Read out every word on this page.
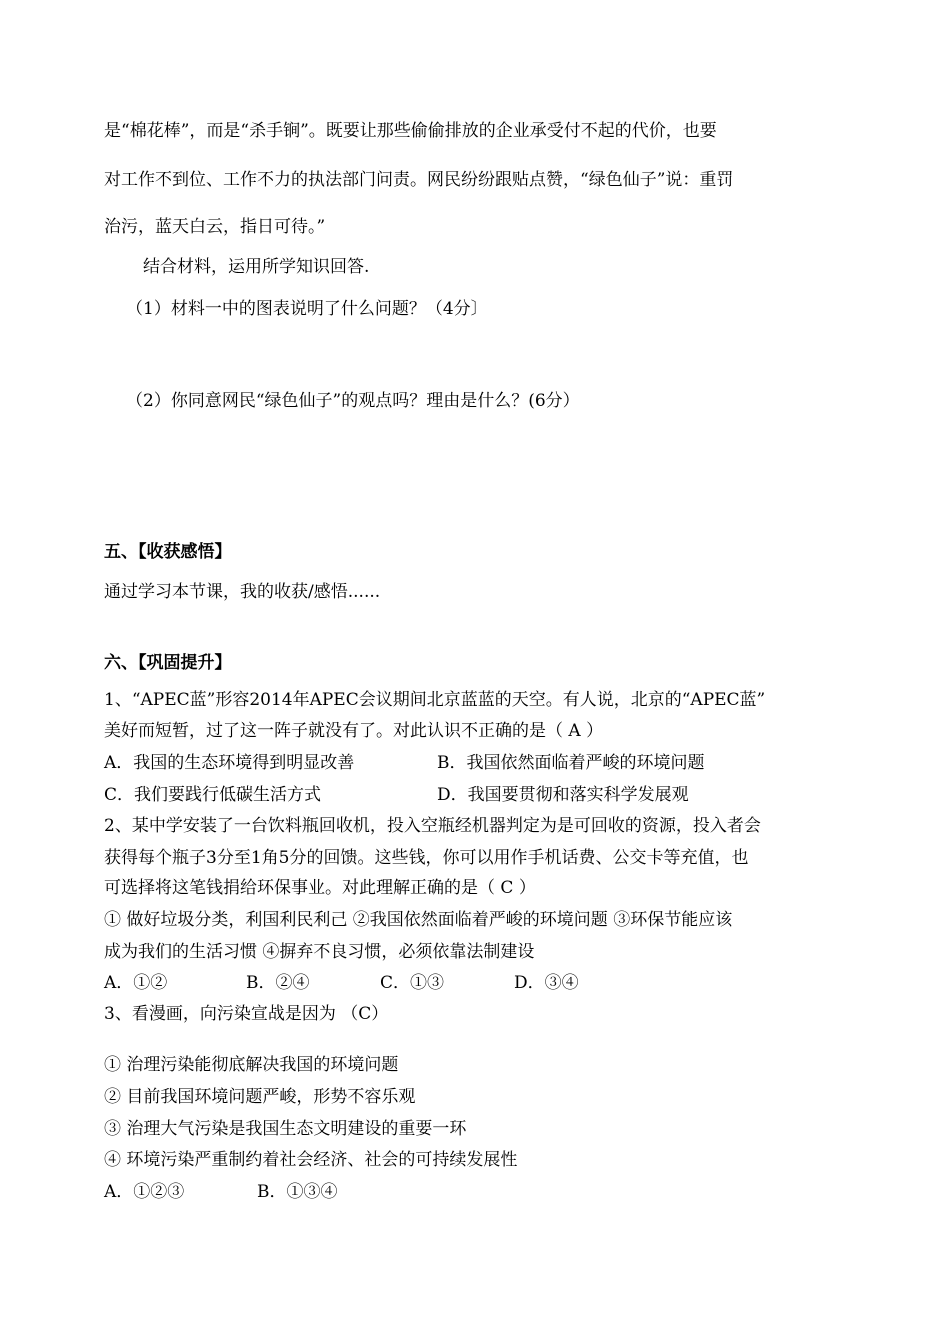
是“棉花棒”，而是“杀手锏”。既要让那些偷偷排放的企业承受付不起的代价，也要
对工作不到位、工作不力的执法部门问责。网民纷纷跟贴点赞，“绿色仙子”说：重罚
治污，蓝天白云，指日可待。”
结合材料，运用所学知识回答.
（1）材料一中的图表说明了什么问题？（4分〕
（2）你同意网民“绿色仙子”的观点吗？理由是什么？(6分）
五、【收获感悟】
通过学习本节课，我的收获/感悟......
六、【巩固提升】
1、“APEC蓝”形容2014年APEC会议期间北京蓝蓝的天空。有人说，北京的“APEC蓝”
美好而短暂，过了这一阵子就没有了。对此认识不正确的是（ A ）
A．我国的生态环境得到明显改善	B．我国依然面临着严峻的环境问题
C．我们要践行低碳生活方式	D．我国要贯彻和落实科学发展观
2、某中学安装了一台饮料瓶回收机，投入空瓶经机器判定为是可回收的资源，投入者会
获得每个瓶子3分至1角5分的回馈。这些钱，你可以用作手机话费、公交卡等充值，也
可选择将这笔钱捐给环保事业。对此理解正确的是（ C ）
① 做好垃圾分类，利国利民利己 ②我国依然面临着严峻的环境问题 ③环保节能应该
成为我们的生活习惯 ④摒弃不良习惯，必须依靠法制建设
A．①②	B．②④	C．①③	D．③④
3、看漫画，向污染宣战是因为 （C）
① 治理污染能彻底解决我国的环境问题
② 目前我国环境问题严峻，形势不容乐观
③ 治理大气污染是我国生态文明建设的重要一环
④ 环境污染严重制约着社会经济、社会的可持续发展性
A．①②③	B．①③④
